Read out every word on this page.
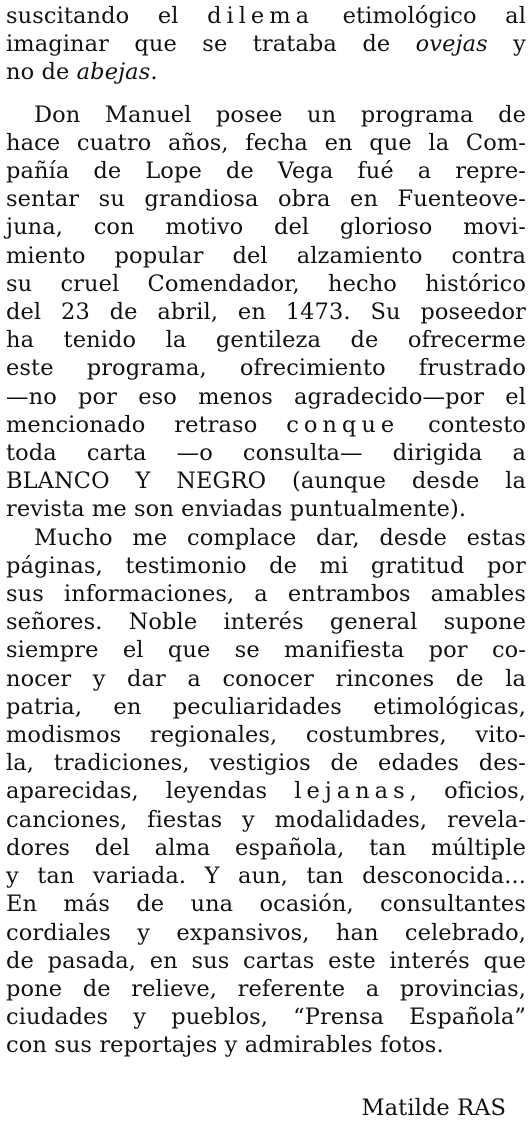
suscitando el dilema etimológico al
imaginar que se trataba de ovejas y
no de abejas.
Don Manuel posee un programa de
hace cuatro años, fecha en que la Com-
pañía de Lope de Vega fué a repre-
sentar su grandiosa obra en Fuenteove-
juna, con motivo del glorioso movi-
miento popular del alzamiento contra
su cruel Comendador, hecho histórico
del 23 de abril, en 1473. Su poseedor
ha tenido la gentileza de ofrecerme
este programa, ofrecimiento frustrado
—no por eso menos agradecido—por el
mencionado retraso conque contesto
toda carta —o consulta— dirigida a
BLANCO Y NEGRO (aunque desde la
revista me son enviadas puntualmente).
Mucho me complace dar, desde estas
páginas, testimonio de mi gratitud por
sus informaciones, a entrambos amables
señores. Noble interés general supone
siempre el que se manifiesta por co-
nocer y dar a conocer rincones de la
patria, en peculiaridades etimológicas,
modismos regionales, costumbres, vito-
la, tradiciones, vestigios de edades des-
aparecidas, leyendas lejanas, oficios,
canciones, fiestas y modalidades, revela-
dores del alma española, tan múltiple
y tan variada. Y aun, tan desconocida...
En más de una ocasión, consultantes
cordiales y expansivos, han celebrado,
de pasada, en sus cartas este interés que
pone de relieve, referente a provincias,
ciudades y pueblos, “Prensa Española”
con sus reportajes y admirables fotos.
Matilde RAS
